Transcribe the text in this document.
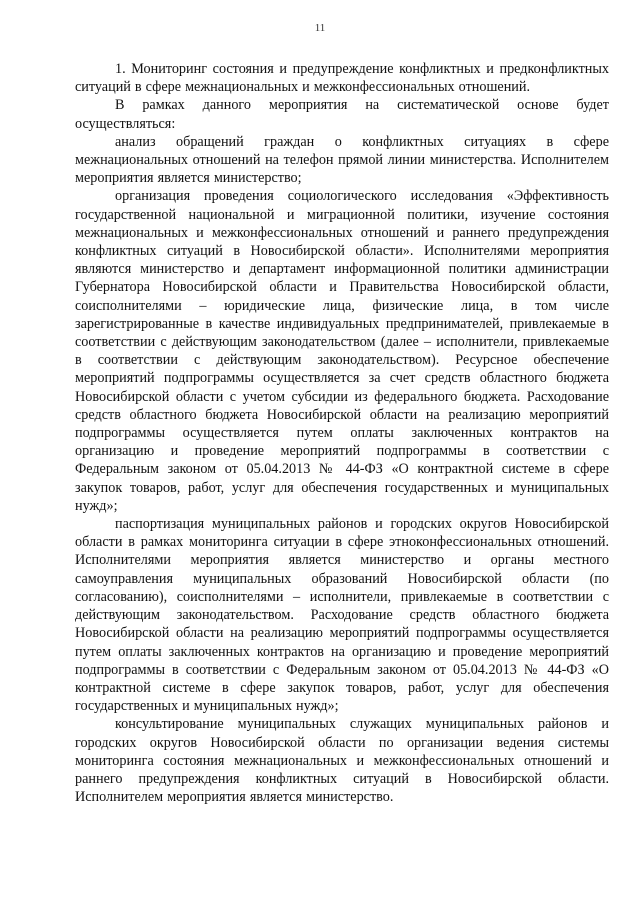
11

1. Мониторинг состояния и предупреждение конфликтных и предконфликтных ситуаций в сфере межнациональных и межконфессиональных отношений.

В рамках данного мероприятия на систематической основе будет осуществляться:

анализ обращений граждан о конфликтных ситуациях в сфере межнациональных отношений на телефон прямой линии министерства. Исполнителем мероприятия является министерство;

организация проведения социологического исследования «Эффективность государственной национальной и миграционной политики, изучение состояния межнациональных и межконфессиональных отношений и раннего предупреждения конфликтных ситуаций в Новосибирской области». Исполнителями мероприятия являются министерство и департамент информационной политики администрации Губернатора Новосибирской области и Правительства Новосибирской области, соисполнителями – юридические лица, физические лица, в том числе зарегистрированные в качестве индивидуальных предпринимателей, привлекаемые в соответствии с действующим законодательством (далее – исполнители, привлекаемые в соответствии с действующим законодательством). Ресурсное обеспечение мероприятий подпрограммы осуществляется за счет средств областного бюджета Новосибирской области с учетом субсидии из федерального бюджета. Расходование средств областного бюджета Новосибирской области на реализацию мероприятий подпрограммы осуществляется путем оплаты заключенных контрактов на организацию и проведение мероприятий подпрограммы в соответствии с Федеральным законом от 05.04.2013 № 44-ФЗ «О контрактной системе в сфере закупок товаров, работ, услуг для обеспечения государственных и муниципальных нужд»;

паспортизация муниципальных районов и городских округов Новосибирской области в рамках мониторинга ситуации в сфере этноконфессиональных отношений. Исполнителями мероприятия является министерство и органы местного самоуправления муниципальных образований Новосибирской области (по согласованию), соисполнителями – исполнители, привлекаемые в соответствии с действующим законодательством. Расходование средств областного бюджета Новосибирской области на реализацию мероприятий подпрограммы осуществляется путем оплаты заключенных контрактов на организацию и проведение мероприятий подпрограммы в соответствии с Федеральным законом от 05.04.2013 № 44-ФЗ «О контрактной системе в сфере закупок товаров, работ, услуг для обеспечения государственных и муниципальных нужд»;

консультирование муниципальных служащих муниципальных районов и городских округов Новосибирской области по организации ведения системы мониторинга состояния межнациональных и межконфессиональных отношений и раннего предупреждения конфликтных ситуаций в Новосибирской области. Исполнителем мероприятия является министерство.
